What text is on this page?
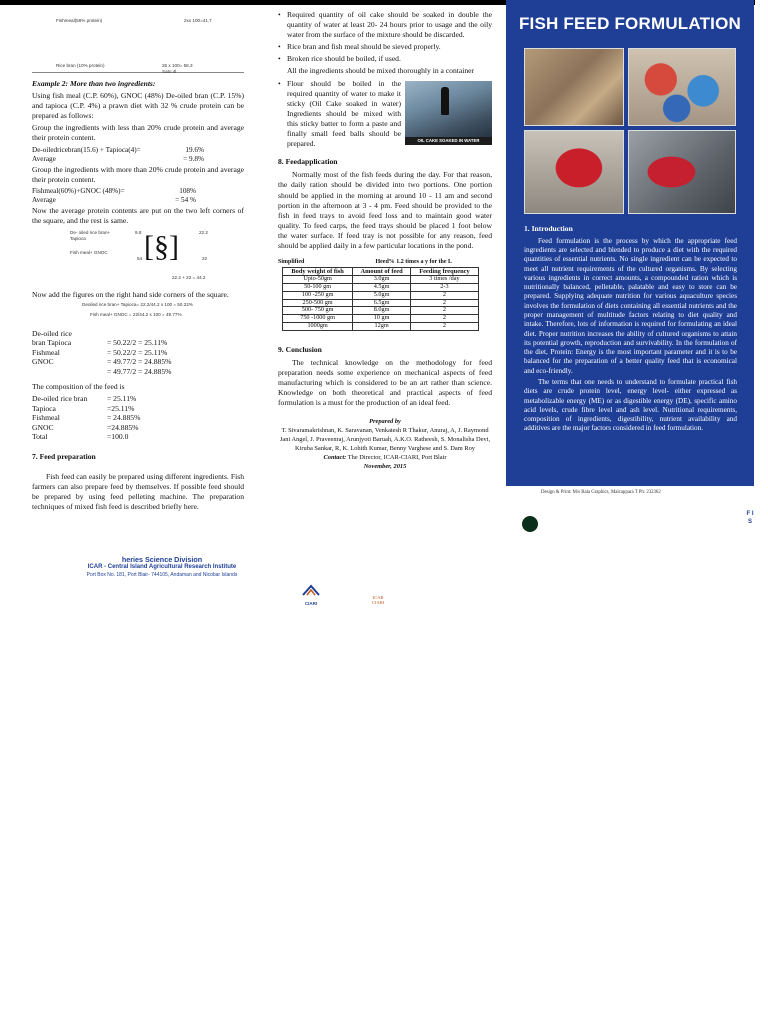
Fishmeal(56% protein)	2xx 100=41.7
Rice bran (10% protein)	26 x 100= 58.3
Sato 4l
Example 2: More than two ingredients:
Using fish meal (C.P. 60%), GNOC (48%) De-oiled bran (C.P. 15%) and tapioca (C.P. 4%) a prawn diet with 32 % crude protein can be prepared as follows:
Group the ingredients with less than 20% crude protein and average their protein content.
De-oiledricebran(15.6) + Tapioca(4)=	19.6%
Average	= 9.8%
Group the ingredients with more than 20% crude protein and average their protein content.
Fishmeal(60%)+GNOC (48%)=	108%
Average	= 54 %
Now the average protein contents are put on the two left corners of the square, and the rest is same.
De- oiled rice bran+ Tapioca
9.8	22.2
Fish meal+ GNOC
54 [§]	22
22.2 + 22 = 44.2
Now add the figures on the right hand side corners of the square.
Deoiled rice bran+ Tapioca= 22.2/44.2 x 100 = 50.22%
Fish meal+ GNOC = 22/44.2 x 100 = 49.77%
De-oiled rice
bran Tapioca	= 50.22/2 = 25.11%
Fishmeal	= 50.22/2 = 25.11%
GNOC	= 49.77/2 = 24.885%
= 49.77/2 = 24.885%
The composition of the feed is
De-oiled rice bran	= 25.11%
Tapioca	=25.11%
Fishmeal	= 24.885%
GNOC	=24.885%
Total	=100.0
7. Feed preparation
Fish feed can easily be prepared using different ingredients. Fish farmers can also prepare feed by themselves. If possible feed should be prepared by using feed pelleting machine. The preparation techniques of mixed fish feed is described briefly here.
• Required quantity of oil cake should be soaked in double the quantity of water at least 20- 24 hours prior to usage and the oily water from the surface of the mixture should be discarded.
• Rice bran and fish meal should be sieved properly.
• Broken rice should be boiled, if used.
All the ingredients should be mixed thoroughly in a container
OIL CAKE SOAKED IN WATER
• Flour should be boiled in the required quantity of water to make it sticky (Oil Cake soaked in water) Ingredients should be mixed with this sticky batter to form a paste and finally small feed balls should be prepared.
8. Feedapplication
Normally most of the fish feeds during the day. For that reason, the daily ration should be divided into two portions. One portion should be applied in the morning at around 10 - 11 am and second portion in the afternoon at 3 - 4 pm. Feed should be provided to the fish in feed trays to avoid feed loss and to maintain good water quality. To feed carps, the feed trays should be placed 1 foot below the water surface. If feed tray is not possible for any reason, feed should be applied daily in a few particular locations in the pond.
Simplified	Heed% 1.2 times a y for the L
Body weight of fish	Amount of feed	Feeding frequency
Upto-50gm	3.0gm	3 times /day
50-100 gm	4.5gm	2-3
100 -250 gm	5.0gm	2
250-500 gm	6.5gm	2
500- 750 gm	8.0gm	2
750 -1000 gm	10 gm	2
1000gm	12gm	2
9. Conclusion
The technical knowledge on the methodology for feed preparation needs some experience on mechanical aspects of feed manufacturing which is considered to be an art rather than science. Knowledge on both theoretical and practical aspects of feed formulation is a must for the production of an ideal feed.
Prepared by
T. Sivaramakrishnan, K. Saravanan, Venkatesh R Thakur, Anuraj, A, J. Raymond Jani Angel, J. Praveenraj, Arunjyoti Baruah, A.K.O. Ratheesh, S. Monalisha Devi, Kiruba Sankar, R, K. Lohith Kumar, Benny Varghese and S. Dam Roy
Contact: The Director, ICAR-CIARI, Port Blair
November, 2015
FISH FEED FORMULATION
1. Introduction
Feed formulation is the process by which the appropriate feed ingredients are selected and blended to produce a diet with the required quantities of essential nutrients. No single ingredient can be expected to meet all nutrient requirements of the cultured organisms. By selecting various ingredients in correct amounts, a compounded ration which is nutritionally balanced, pelletable, palatable and easy to store can be prepared. Supplying adequate nutrition for various aquaculture species involves the formulation of diets containing all essential nutrients and the proper management of multitude factors relating to diet quality and intake. Therefore, lots of information is required for formulating an ideal diet. Proper nutrition increases the ability of cultured organisms to attain its potential growth, reproduction and survivability. In the formulation of the diet, Protein: Energy is the most important parameter and it is to be balanced for the preparation of a better quality feed that is economical and eco-friendly.
The terms that one needs to understand to formulate practical fish diets are crude protein level, energy level- either expressed as metabolizable energy (ME) or as digestible energy (DE), specific amino acid levels, crude fibre level and ash level. Nutritional requirements, composition of ingredients, digestibility, nutrient availability and additives are the major factors considered in feed formulation.
Design & Print: M/s Bala Graphics, Malcappara T Ph: 232362
F I S
heries Science Division
ICAR - Central Island Agricultural Research Institute
Port Box No. 181, Port Blair- 744105, Andaman and Nicobar Islands
CIARI
ICAR
CIARI
